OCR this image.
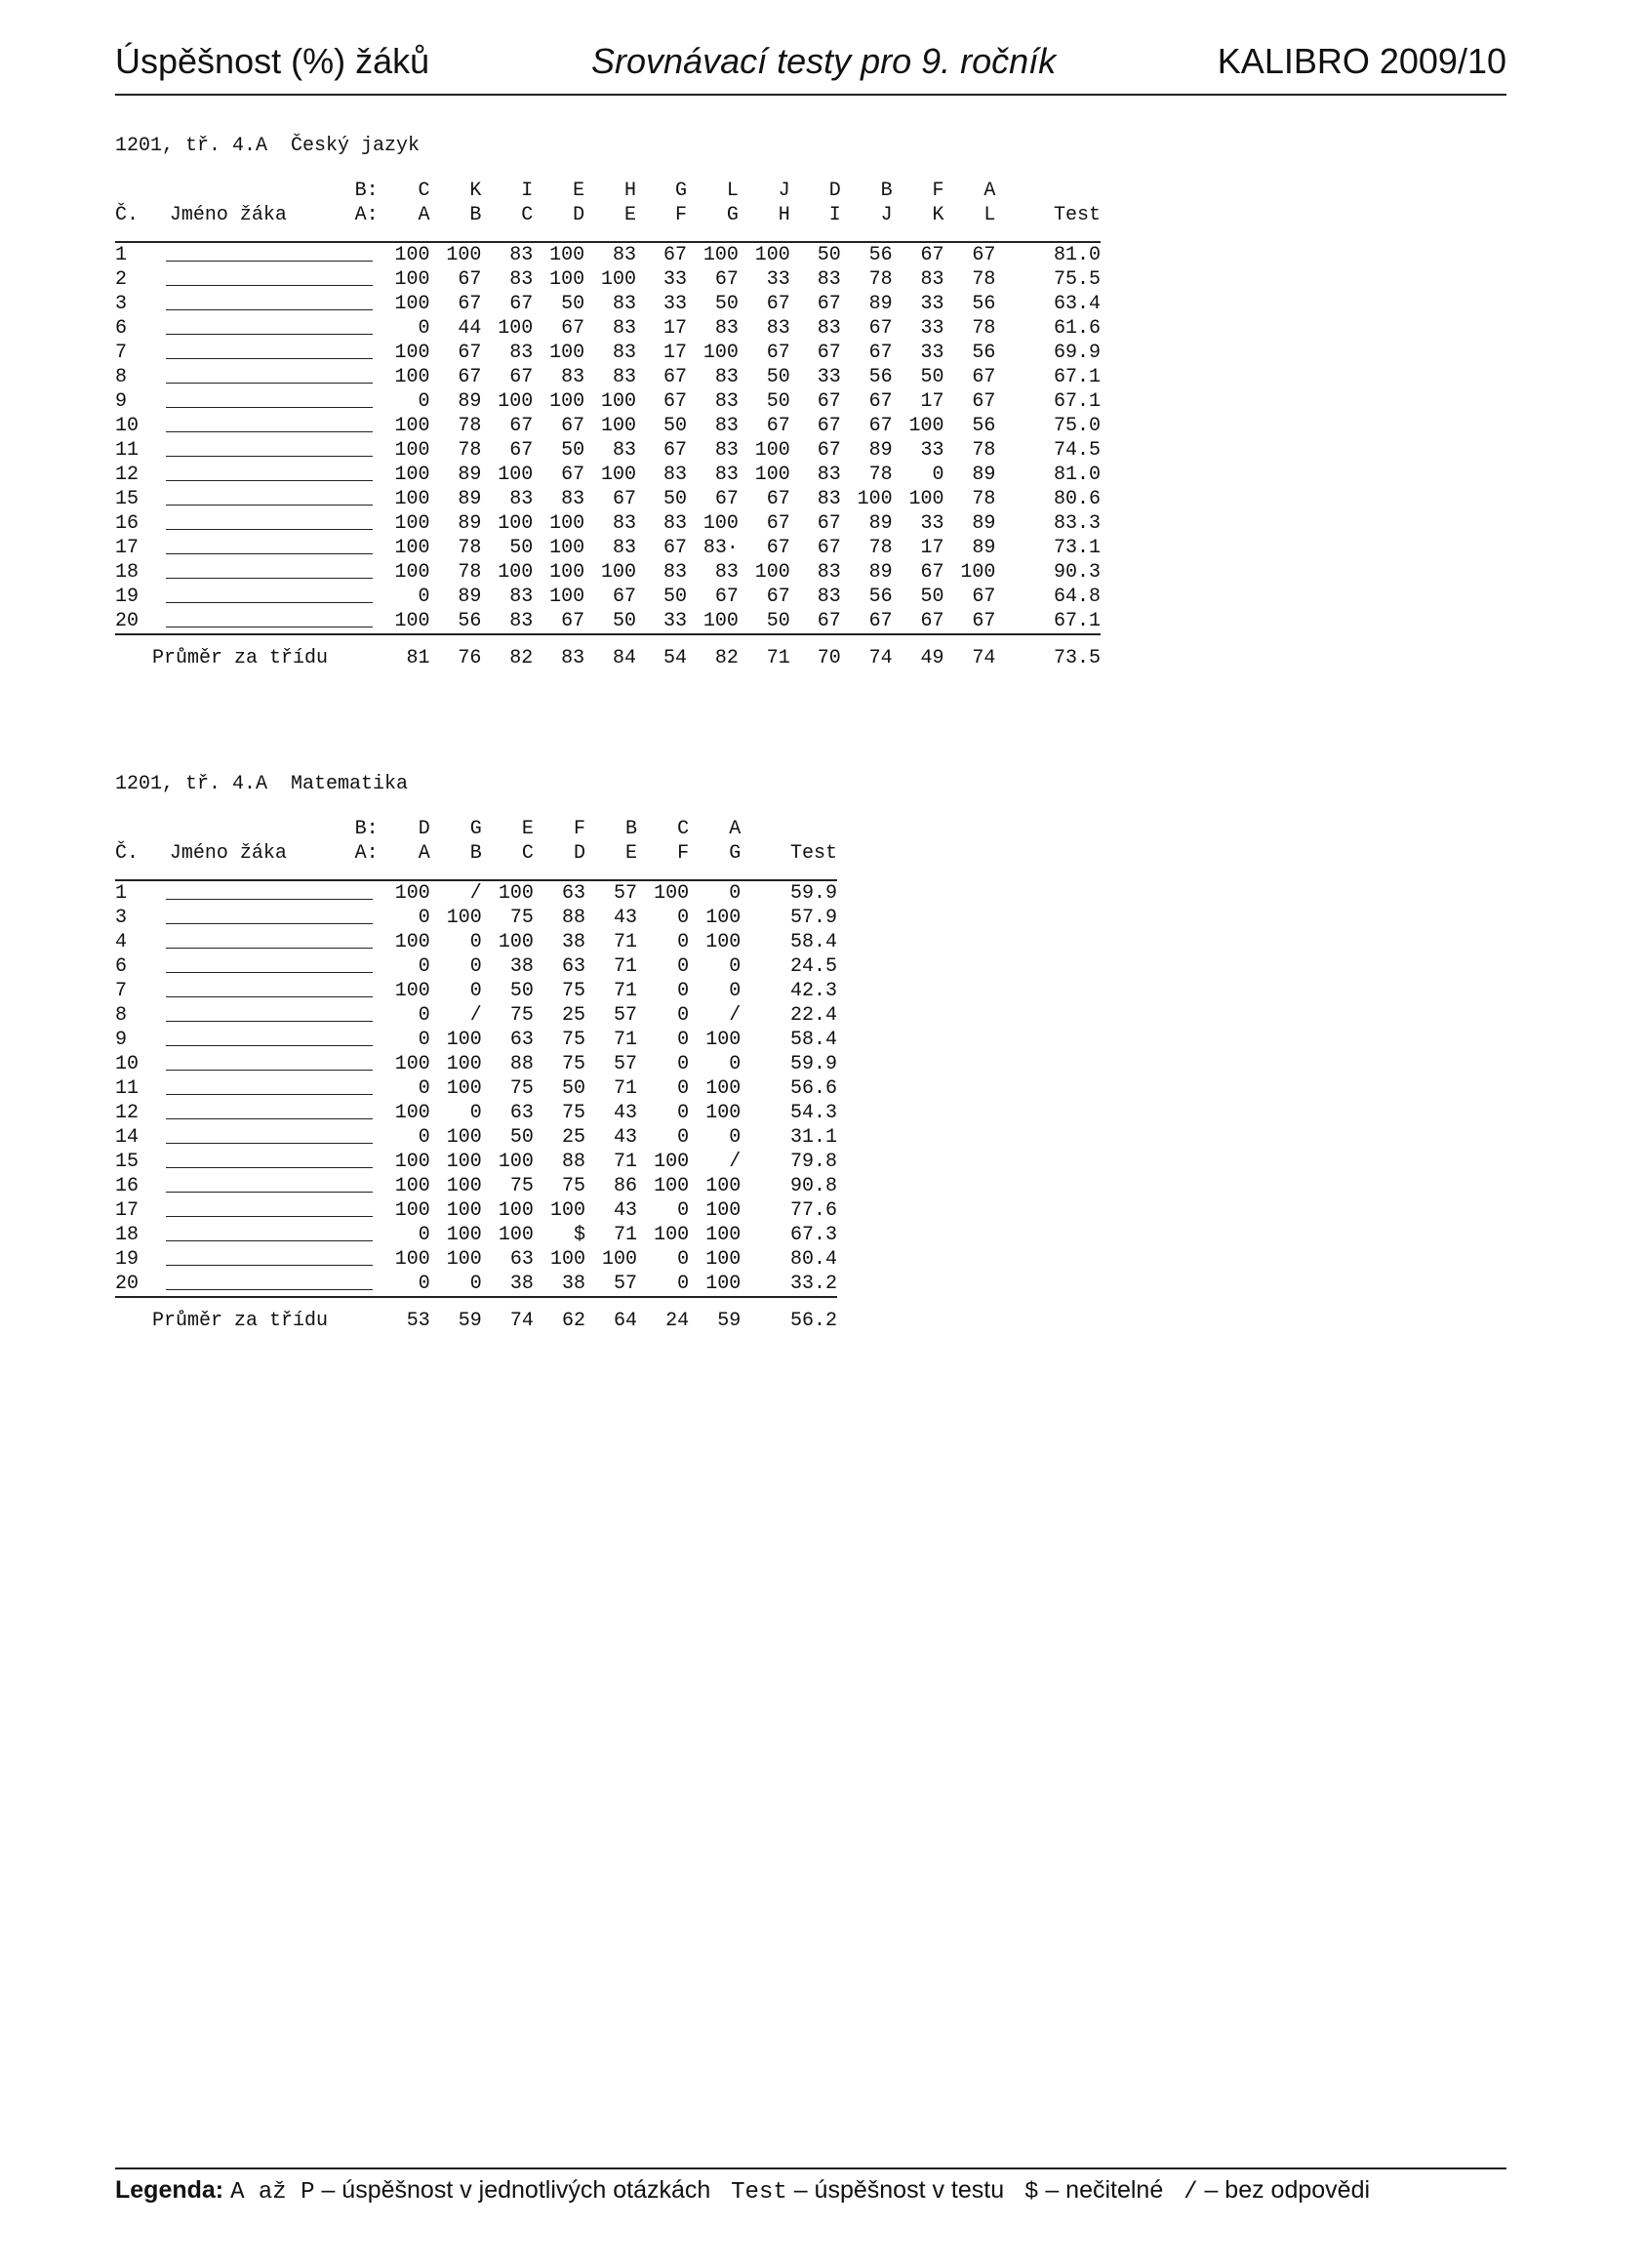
Úspěšnost (%) žáků	Srovnávací testy pro 9. ročník	KALIBRO 2009/10
1201, tř. 4.A  Český jazyk
		B:	C	K	I	E	H	G	L	J	D	B	F	A	
Č.	Jméno žáka	A:	A	B	C	D	E	F	G	H	I	J	K	L	Test

1			100	100	83	100	83	67	100	100	50	56	67	67	81.0
2			100	67	83	100	100	33	67	33	83	78	83	78	75.5
3			100	67	67	50	83	33	50	67	67	89	33	56	63.4
6			0	44	100	67	83	17	83	83	83	67	33	78	61.6
7			100	67	83	100	83	17	100	67	67	67	33	56	69.9
8			100	67	67	83	83	67	83	50	33	56	50	67	67.1
9			0	89	100	100	100	67	83	50	67	67	17	67	67.1
10			100	78	67	67	100	50	83	67	67	67	100	56	75.0
11			100	78	67	50	83	67	83	100	67	89	33	78	74.5
12			100	89	100	67	100	83	83	100	83	78	0	89	81.0
15			100	89	83	83	67	50	67	67	83	100	100	78	80.6
16			100	89	100	100	83	83	100	67	67	89	33	89	83.3
17			100	78	50	100	83	67	83·	67	67	78	17	89	73.1
18			100	78	100	100	100	83	83	100	83	89	67	100	90.3
19			0	89	83	100	67	50	67	67	83	56	50	67	64.8
20			100	56	83	67	50	33	100	50	67	67	67	67	67.1
Průměr za třídu			81	76	82	83	84	54	82	71	70	74	49	74	73.5
1201, tř. 4.A  Matematika
		B:	D	G	E	F	B	C	A	
Č.	Jméno žáka	A:	A	B	C	D	E	F	G	Test

1			100	/	100	63	57	100	0	59.9
3			0	100	75	88	43	0	100	57.9
4			100	0	100	38	71	0	100	58.4
6			0	0	38	63	71	0	0	24.5
7			100	0	50	75	71	0	0	42.3
8			0	/	75	25	57	0	/	22.4
9			0	100	63	75	71	0	100	58.4
10			100	100	88	75	57	0	0	59.9
11			0	100	75	50	71	0	100	56.6
12			100	0	63	75	43	0	100	54.3
14			0	100	50	25	43	0	0	31.1
15			100	100	100	88	71	100	/	79.8
16			100	100	75	75	86	100	100	90.8
17			100	100	100	100	43	0	100	77.6
18			0	100	100	$	71	100	100	67.3
19			100	100	63	100	100	0	100	80.4
20			0	0	38	38	57	0	100	33.2
Průměr za třídu			53	59	74	62	64	24	59	56.2
Legenda: A až P – úspěšnost v jednotlivých otázkách Test – úspěšnost v testu $ – nečitelné / – bez odpovědi
